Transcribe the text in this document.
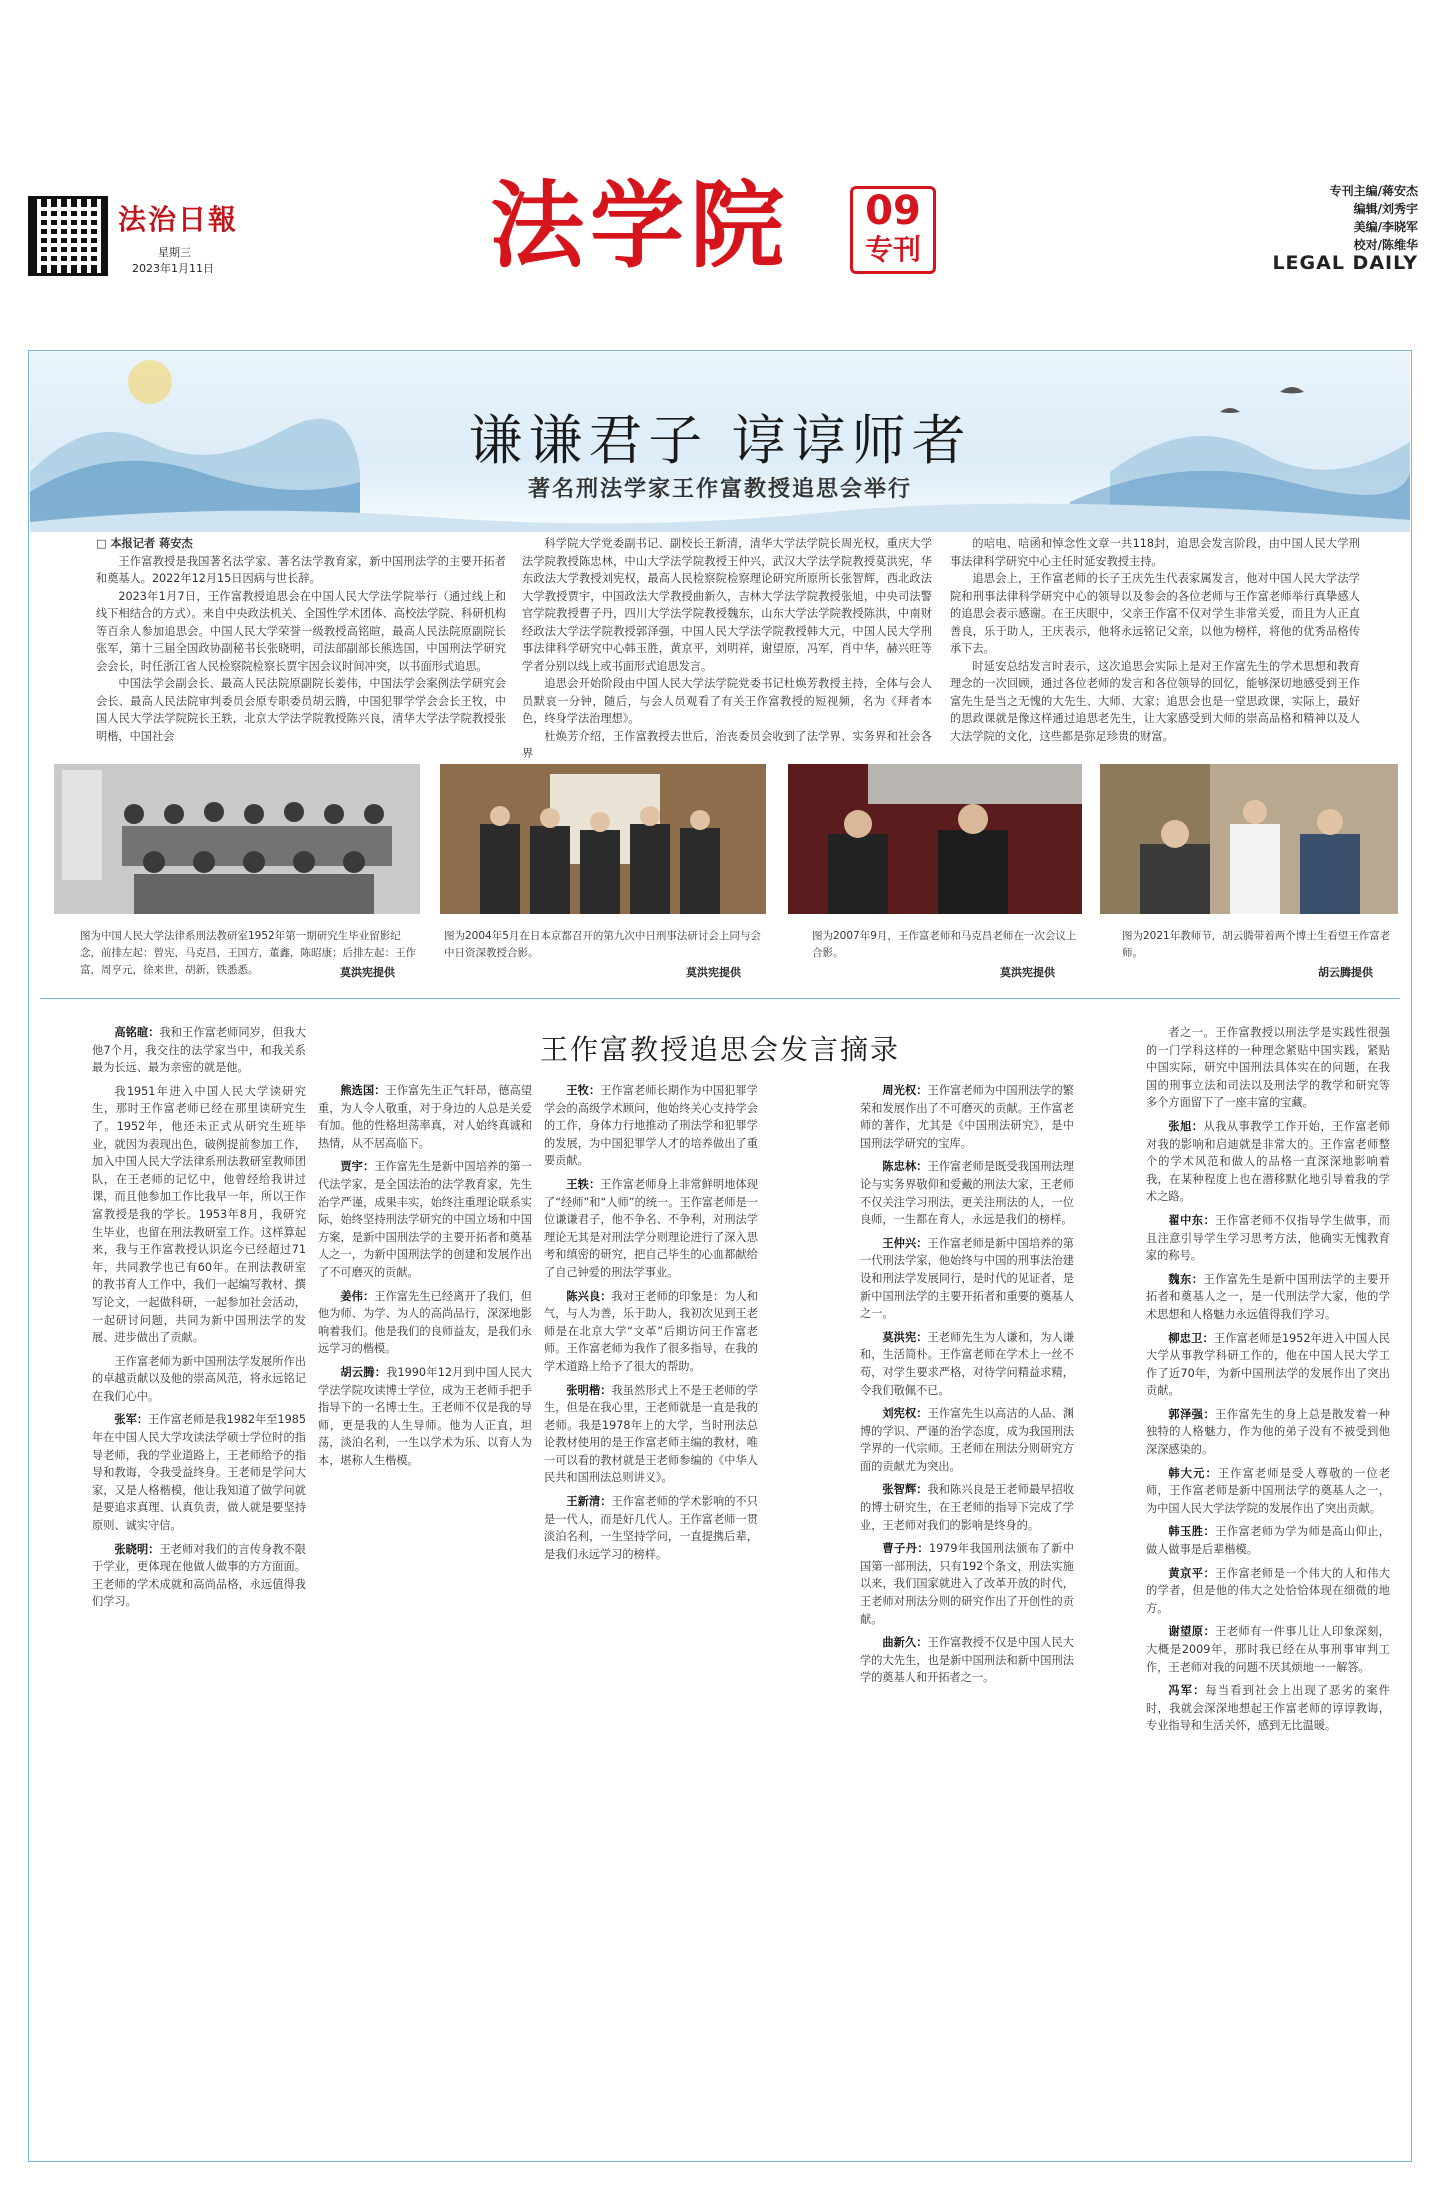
法治日報
星期三
2023年1月11日	法学院	09
专刊
专刊主编/蒋安杰
编辑/刘秀宇
美编/李晓军
校对/陈维华
LEGAL DAILY
谦谦君子 谆谆师者
著名刑法学家王作富教授追思会举行

□ 本报记者 蒋安杰

王作富教授是我国著名法学家、著名法学教育家，新中国刑法学的主要开拓者和奠基人。2022年12月15日因病与世长辞。

2023年1月7日，王作富教授追思会在中国人民大学法学院举行（通过线上和线下相结合的方式）。来自中央政法机关、全国性学术团体、高校法学院、科研机构等百余人参加追思会。中国人民大学荣誉一级教授高铭暄，最高人民法院原副院长张军，第十三届全国政协副秘书长张晓明，司法部副部长熊选国，中国刑法学研究会会长，时任浙江省人民检察院检察长贾宇因会议时间冲突，以书面形式追思。

中国法学会副会长、最高人民法院原副院长姜伟，中国法学会案例法学研究会会长、最高人民法院审判委员会原专职委员胡云腾，中国犯罪学学会会长王牧，中国人民大学法学院院长王轶，北京大学法学院教授陈兴良，清华大学法学院教授张明楷，中国社会

科学院大学党委副书记、副校长王新清，清华大学法学院长周光权，重庆大学法学院教授陈忠林，中山大学法学院教授王仲兴，武汉大学法学院教授莫洪宪，华东政法大学教授刘宪权，最高人民检察院检察理论研究所原所长张智辉，西北政法大学教授贾宇，中国政法大学教授曲新久，吉林大学法学院教授张旭，中央司法警官学院教授曹子丹，四川大学法学院教授魏东，山东大学法学院教授陈洪，中南财经政法大学法学院教授郭泽强，中国人民大学法学院教授韩大元，中国人民大学刑事法律科学研究中心韩玉胜，黄京平，刘明祥，谢望原，冯军，肖中华，赫兴旺等学者分别以线上或书面形式追思发言。

追思会开始阶段由中国人民大学法学院党委书记杜焕芳教授主持，全体与会人员默哀一分钟，随后，与会人员观看了有关王作富教授的短视频，名为《拜者本色，终身学法治理想》。

杜焕芳介绍，王作富教授去世后，治丧委员会收到了法学界、实务界和社会各界

的唁电、唁函和悼念性文章一共118封，追思会发言阶段，由中国人民大学刑事法律科学研究中心主任时延安教授主持。

追思会上，王作富老师的长子王庆先生代表家属发言，他对中国人民大学法学院和刑事法律科学研究中心的领导以及参会的各位老师与王作富老师举行真挚感人的追思会表示感谢。在王庆眼中，父亲王作富不仅对学生非常关爱，而且为人正直善良，乐于助人，王庆表示，他将永远铭记父亲，以他为榜样，将他的优秀品格传承下去。

时延安总结发言时表示，这次追思会实际上是对王作富先生的学术思想和教育理念的一次回顾，通过各位老师的发言和各位领导的回忆，能够深切地感受到王作富先生是当之无愧的大先生、大师、大家；追思会也是一堂思政课，实际上，最好的思政课就是像这样通过追思老先生，让大家感受到大师的崇高品格和精神以及人大法学院的文化，这些都是弥足珍贵的财富。

图为中国人民大学法律系刑法教研室1952年第一期研究生毕业留影纪念，前排左起：曾宪，马克昌，王国方，董鑫，陈昭康；后排左起：王作富，周亨元，徐来世，胡新，铁悉悉。
图为2004年5月在日本京都召开的第九次中日刑事法研讨会上同与会中日资深教授合影。
图为2007年9月，王作富老师和马克昌老师在一次会议上合影。
图为2021年教师节，胡云腾带着两个博士生看望王作富老师。
莫洪宪提供	莫洪宪提供	莫洪宪提供	胡云腾提供
王作富教授追思会发言摘录

高铭暄：我和王作富老师同岁，但我大他7个月，我交往的法学家当中，和我关系最为长远、最为亲密的就是他。

我1951年进入中国人民大学读研究生，那时王作富老师已经在那里读研究生了。1952年，他还未正式从研究生班毕业，就因为表现出色，破例提前参加工作，加入中国人民大学法律系刑法教研室教师团队，在王老师的记忆中，他曾经给我讲过课，而且他参加工作比我早一年，所以王作富教授是我的学长。1953年8月，我研究生毕业，也留在刑法教研室工作。这样算起来，我与王作富教授认识迄今已经超过71年，共同教学也已有60年。在刑法教研室的教书育人工作中，我们一起编写教材、撰写论文，一起做科研，一起参加社会活动，一起研讨问题，共同为新中国刑法学的发展、进步做出了贡献。

王作富老师为新中国刑法学发展所作出的卓越贡献以及他的崇高风范，将永远铭记在我们心中。

张军：王作富老师是我1982年至1985年在中国人民大学攻读法学硕士学位时的指导老师，我的学业道路上，王老师给予的指导和教诲，令我受益终身。王老师是学问大家，又是人格楷模，他让我知道了做学问就是要追求真理、认真负责，做人就是要坚持原则、诚实守信。

张晓明：王老师对我们的言传身教不限于学业，更体现在他做人做事的方方面面。王老师的学术成就和高尚品格，永远值得我们学习。

熊选国：王作富先生正气轩昂，德高望重，为人令人敬重，对于身边的人总是关爱有加。他的性格坦荡率真，对人始终真诚和热情，从不居高临下。

贾宇：王作富先生是新中国培养的第一代法学家，是全国法治的法学教育家，先生治学严谨，成果丰实，始终注重理论联系实际，始终坚持刑法学研究的中国立场和中国方案，是新中国刑法学的主要开拓者和奠基人之一，为新中国刑法学的创建和发展作出了不可磨灭的贡献。

姜伟：王作富先生已经离开了我们，但他为师、为学、为人的高尚品行，深深地影响着我们。他是我们的良师益友，是我们永远学习的楷模。

胡云腾：我1990年12月到中国人民大学法学院攻读博士学位，成为王老师手把手指导下的一名博士生。王老师不仅是我的导师，更是我的人生导师。他为人正直，坦荡，淡泊名利，一生以学术为乐、以育人为本，堪称人生楷模。

王牧：王作富老师长期作为中国犯罪学学会的高级学术顾问，他始终关心支持学会的工作，身体力行地推动了刑法学和犯罪学的发展，为中国犯罪学人才的培养做出了重要贡献。

王轶：王作富老师身上非常鲜明地体现了“经师”和“人师”的统一。王作富老师是一位谦谦君子，他不争名、不争利，对刑法学理论无其是对刑法学分则理论进行了深入思考和缜密的研究，把自己毕生的心血都献给了自己钟爱的刑法学事业。

陈兴良：我对王老师的印象是：为人和气，与人为善，乐于助人，我初次见到王老师是在北京大学“文革”后期访问王作富老师。王作富老师为我作了很多指导，在我的学术道路上给予了很大的帮助。

张明楷：我虽然形式上不是王老师的学生，但是在我心里，王老师就是一直是我的老师。我是1978年上的大学，当时刑法总论教材使用的是王作富老师主编的教材，唯一可以看的教材就是王老师参编的《中华人民共和国刑法总则讲义》。

王新清：王作富老师的学术影响的不只是一代人，而是好几代人。王作富老师一贯淡泊名利，一生坚持学问，一直提携后辈，是我们永远学习的榜样。

周光权：王作富老师为中国刑法学的繁荣和发展作出了不可磨灭的贡献。王作富老师的著作，尤其是《中国刑法研究》，是中国刑法学研究的宝库。

陈忠林：王作富老师是既受我国刑法理论与实务界敬仰和爱戴的刑法大家，王老师不仅关注学习刑法，更关注刑法的人，一位良师，一生都在育人，永远是我们的榜样。

王仲兴：王作富老师是新中国培养的第一代刑法学家，他始终与中国的刑事法治建设和刑法学发展同行，是时代的见证者，是新中国刑法学的主要开拓者和重要的奠基人之一。

莫洪宪：王老师先生为人谦和，为人谦和，生活简朴。王作富老师在学术上一丝不苟，对学生要求严格，对待学问精益求精，令我们敬佩不已。

刘宪权：王作富先生以高洁的人品、渊博的学识、严谨的治学态度，成为我国刑法学界的一代宗师。王老师在刑法分则研究方面的贡献尤为突出。

张智辉：我和陈兴良是王老师最早招收的博士研究生，在王老师的指导下完成了学业，王老师对我们的影响是终身的。

曹子丹：1979年我国刑法颁布了新中国第一部刑法，只有192个条文，刑法实施以来，我们国家就进入了改革开放的时代，王老师对刑法分则的研究作出了开创性的贡献。

曲新久：王作富教授不仅是中国人民大学的大先生，也是新中国刑法和新中国刑法学的奠基人和开拓者之一。

者之一。王作富教授以刑法学是实践性很强的一门学科这样的一种理念紧贴中国实践，紧贴中国实际，研究中国刑法具体实在的问题，在我国的刑事立法和司法以及刑法学的教学和研究等多个方面留下了一座丰富的宝藏。

张旭：从我从事教学工作开始，王作富老师对我的影响和启迪就是非常大的。王作富老师整个的学术风范和做人的品格一直深深地影响着我，在某种程度上也在潜移默化地引导着我的学术之路。

翟中东：王作富老师不仅指导学生做事，而且注意引导学生学习思考方法，他确实无愧教育家的称号。

魏东：王作富先生是新中国刑法学的主要开拓者和奠基人之一，是一代刑法学大家，他的学术思想和人格魅力永远值得我们学习。

柳忠卫：王作富老师是1952年进入中国人民大学从事教学科研工作的，他在中国人民大学工作了近70年，为新中国刑法学的发展作出了突出贡献。

郭泽强：王作富先生的身上总是散发着一种独特的人格魅力，作为他的弟子没有不被受到他深深感染的。

韩大元：王作富老师是受人尊敬的一位老师，王作富老师是新中国刑法学的奠基人之一，为中国人民大学法学院的发展作出了突出贡献。

韩玉胜：王作富老师为学为师是高山仰止，做人做事是后辈楷模。

黄京平：王作富老师是一个伟大的人和伟大的学者，但是他的伟大之处恰恰体现在细微的地方。

谢望原：王老师有一件事儿让人印象深刻，大概是2009年，那时我已经在从事刑事审判工作，王老师对我的问题不厌其烦地一一解答。

冯军：每当看到社会上出现了恶劣的案件时，我就会深深地想起王作富老师的谆谆教诲，专业指导和生活关怀，感到无比温暖。
